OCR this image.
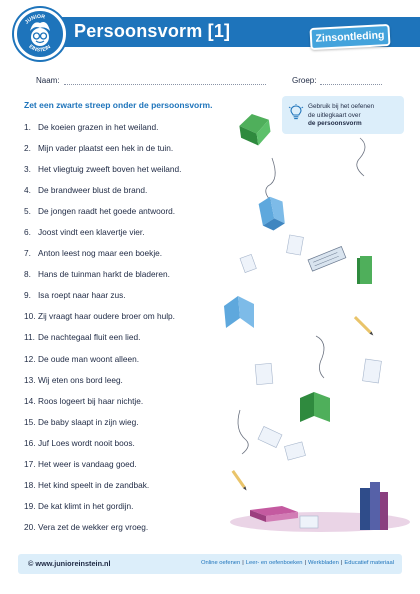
JUNIOR
EINSTEIN
Persoonsvorm [1]	Zinsontleding
Naam:	Groep:
Zet een zwarte streep onder de persoonsvorm.	Gebruik bij het oefenen
de uitlegkaart over
de persoonsvorm
1. De koeien grazen in het weiland.
2. Mijn vader plaatst een hek in de tuin.
3. Het vliegtuig zweeft boven het weiland.
4. De brandweer blust de brand.
5. De jongen raadt het goede antwoord.
6. Joost vindt een klavertje vier.
7. Anton leest nog maar een boekje.
8. Hans de tuinman harkt de bladeren.
9. Isa roept naar haar zus.
10. Zij vraagt haar oudere broer om hulp.
11. De nachtegaal fluit een lied.
12. De oude man woont alleen.
13. Wij eten ons bord leeg.
14. Roos logeert bij haar nichtje.
15. De baby slaapt in zijn wieg.
16. Juf Loes wordt nooit boos.
17. Het weer is vandaag goed.
18. Het kind speelt in de zandbak.
19. De kat klimt in het gordijn.
20. Vera zet de wekker erg vroeg.
© www.junioreinstein.nl	Online oefenen | Leer- en oefenboeken | Werkbladen | Educatief materiaal
